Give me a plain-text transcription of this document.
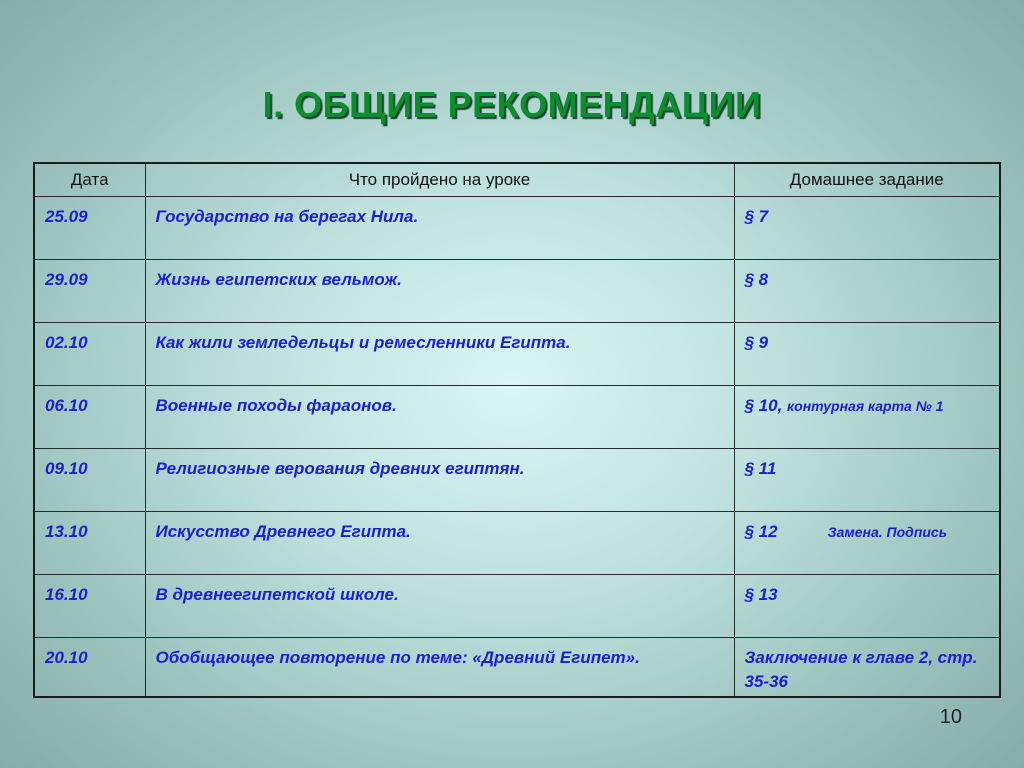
I. ОБЩИЕ РЕКОМЕНДАЦИИ
Дата	Что пройдено на уроке	Домашнее задание
25.09	Государство на берегах Нила.	§ 7
29.09	Жизнь египетских вельмож.	§ 8
02.10	Как жили земледельцы и ремесленники Египта.	§ 9
06.10	Военные походы фараонов.	§ 10, контурная карта № 1
09.10	Религиозные верования древних египтян.	§ 11
13.10	Искусство Древнего Египта.	§ 12 Замена. Подпись
16.10	В древнеегипетской школе.	§ 13
20.10	Обобщающее повторение по теме: «Древний Египет».	Заключение к главе 2, стр. 35-36
10
